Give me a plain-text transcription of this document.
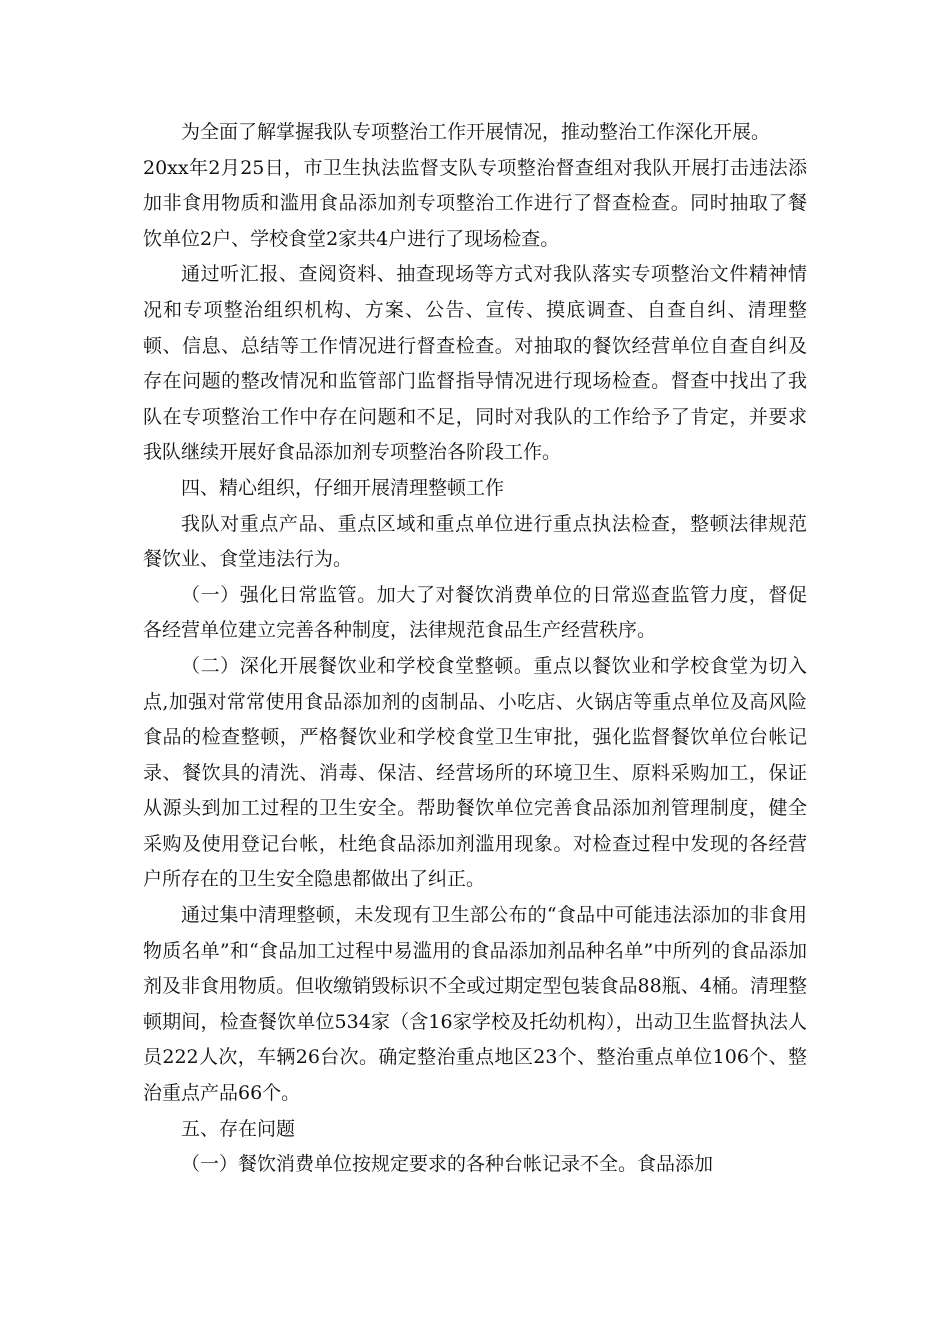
为全面了解掌握我队专项整治工作开展情况，推动整治工作深化开展。

20xx年2月25日，市卫生执法监督支队专项整治督查组对我队开展打击违法添加非食用物质和滥用食品添加剂专项整治工作进行了督查检查。同时抽取了餐饮单位2户、学校食堂2家共4户进行了现场检查。

通过听汇报、查阅资料、抽查现场等方式对我队落实专项整治文件精神情况和专项整治组织机构、方案、公告、宣传、摸底调查、自查自纠、清理整顿、信息、总结等工作情况进行督查检查。对抽取的餐饮经营单位自查自纠及存在问题的整改情况和监管部门监督指导情况进行现场检查。督查中找出了我队在专项整治工作中存在问题和不足，同时对我队的工作给予了肯定，并要求我队继续开展好食品添加剂专项整治各阶段工作。

四、精心组织，仔细开展清理整顿工作

我队对重点产品、重点区域和重点单位进行重点执法检查，整顿法律规范餐饮业、食堂违法行为。

（一）强化日常监管。加大了对餐饮消费单位的日常巡查监管力度，督促各经营单位建立完善各种制度，法律规范食品生产经营秩序。

（二）深化开展餐饮业和学校食堂整顿。重点以餐饮业和学校食堂为切入点,加强对常常使用食品添加剂的卤制品、小吃店、火锅店等重点单位及高风险食品的检查整顿，严格餐饮业和学校食堂卫生审批，强化监督餐饮单位台帐记录、餐饮具的清洗、消毒、保洁、经营场所的环境卫生、原料采购加工，保证从源头到加工过程的卫生安全。帮助餐饮单位完善食品添加剂管理制度，健全采购及使用登记台帐，杜绝食品添加剂滥用现象。对检查过程中发现的各经营户所存在的卫生安全隐患都做出了纠正。

通过集中清理整顿，未发现有卫生部公布的“食品中可能违法添加的非食用物质名单”和“食品加工过程中易滥用的食品添加剂品种名单”中所列的食品添加剂及非食用物质。但收缴销毁标识不全或过期定型包装食品88瓶、4桶。清理整顿期间，检查餐饮单位534家（含16家学校及托幼机构），出动卫生监督执法人员222人次，车辆26台次。确定整治重点地区23个、整治重点单位106个、整治重点产品66个。

五、存在问题

（一）餐饮消费单位按规定要求的各种台帐记录不全。食品添加
